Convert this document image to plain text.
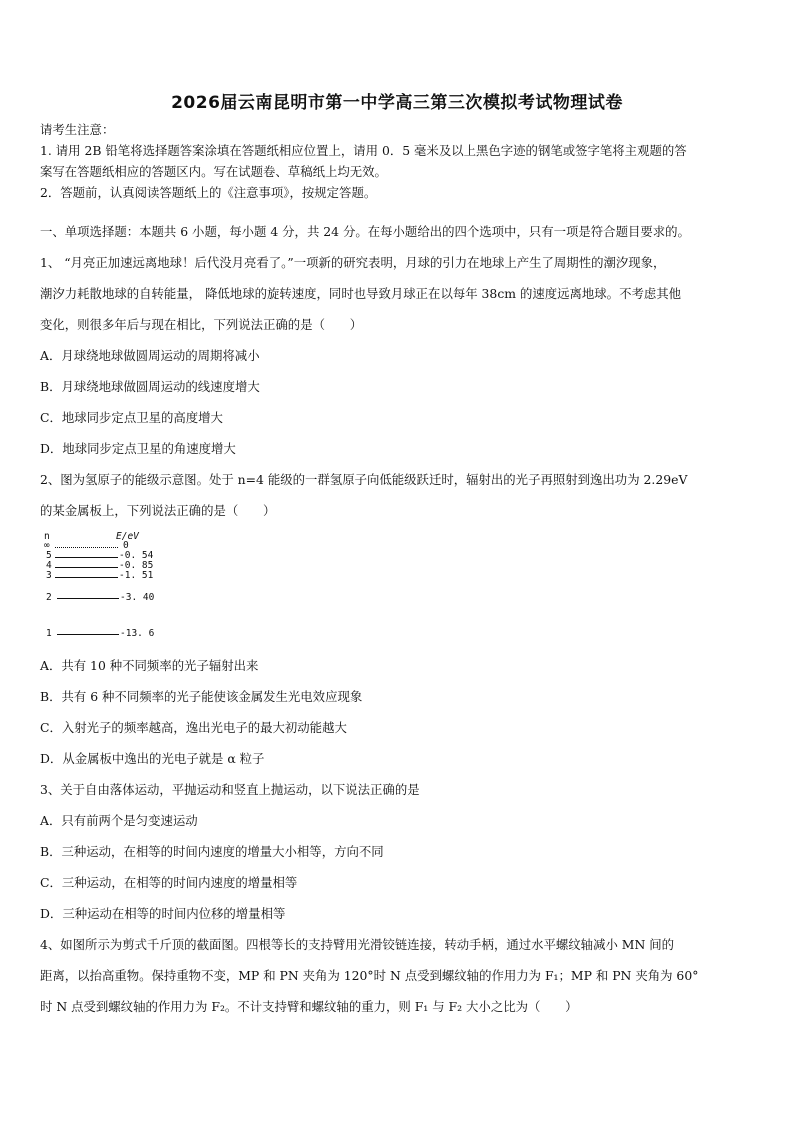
2026届云南昆明市第一中学高三第三次模拟考试物理试卷
请考生注意：
1. 请用 2B 铅笔将选择题答案涂填在答题纸相应位置上，请用 0．5 毫米及以上黑色字迹的钢笔或签字笔将主观题的答
案写在答题纸相应的答题区内。写在试题卷、草稿纸上均无效。
2．答题前，认真阅读答题纸上的《注意事项》，按规定答题。
一、单项选择题：本题共 6 小题，每小题 4 分，共 24 分。在每小题给出的四个选项中，只有一项是符合题目要求的。
1、 “月亮正加速远离地球！后代没月亮看了。”一项新的研究表明，月球的引力在地球上产生了周期性的潮汐现象，
潮汐力耗散地球的自转能量， 降低地球的旋转速度，同时也导致月球正在以每年 38cm 的速度远离地球。不考虑其他
变化，则很多年后与现在相比，下列说法正确的是（　　）
A．月球绕地球做圆周运动的周期将减小
B．月球绕地球做圆周运动的线速度增大
C．地球同步定点卫星的高度增大
D．地球同步定点卫星的角速度增大
2、图为氢原子的能级示意图。处于 n=4 能级的一群氢原子向低能级跃迁时，辐射出的光子再照射到逸出功为 2.29eV
的某金属板上，下列说法正确的是（　　）
n	E/eV
∞	0
5	-0. 54
4	-0. 85
3	-1. 51
2	-3. 40
1	-13. 6
A．共有 10 种不同频率的光子辐射出来
B．共有 6 种不同频率的光子能使该金属发生光电效应现象
C．入射光子的频率越高，逸出光电子的最大初动能越大
D．从金属板中逸出的光电子就是 α 粒子
3、关于自由落体运动，平抛运动和竖直上抛运动，以下说法正确的是
A．只有前两个是匀变速运动
B．三种运动，在相等的时间内速度的增量大小相等，方向不同
C．三种运动，在相等的时间内速度的增量相等
D．三种运动在相等的时间内位移的增量相等
4、如图所示为剪式千斤顶的截面图。四根等长的支持臂用光滑铰链连接，转动手柄，通过水平螺纹轴减小 MN 间的
距离，以抬高重物。保持重物不变，MP 和 PN 夹角为 120°时 N 点受到螺纹轴的作用力为 F₁；MP 和 PN 夹角为 60°
时 N 点受到螺纹轴的作用力为 F₂。不计支持臂和螺纹轴的重力，则 F₁ 与 F₂ 大小之比为（　　）
